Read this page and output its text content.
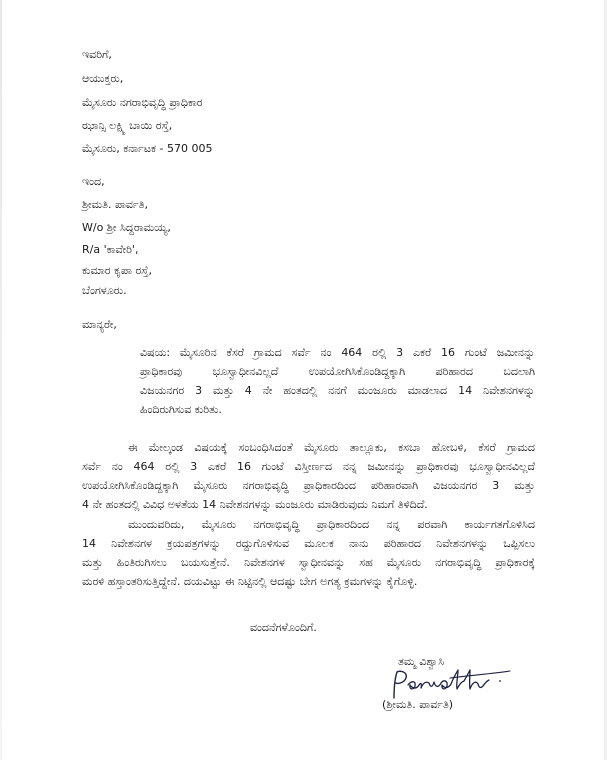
ಇವರಿಗೆ,
ಆಯುಕ್ತರು,
ಮೈಸೂರು ನಗರಾಭಿವೃದ್ಧಿ ಪ್ರಾಧಿಕಾರ
ಝಾನ್ಸಿ ಲಕ್ಷ್ಮಿ ಬಾಯಿ ರಸ್ತೆ,
ಮೈಸೂರು, ಕರ್ನಾಟಕ - 570 005
ಇಂದ,
ಶ್ರೀಮತಿ. ಪಾರ್ವತಿ,
W/o ಶ್ರೀ ಸಿದ್ದರಾಮಯ್ಯ,
R/a 'ಕಾವೇರಿ',
ಕುಮಾರ ಕೃಪಾ ರಸ್ತೆ,
ಬೆಂಗಳೂರು.
ಮಾನ್ಯರೇ,
ವಿಷಯ: ಮೈಸೂರಿನ ಕೆಸರೆ ಗ್ರಾಮದ ಸರ್ವೆ ನಂ 464 ರಲ್ಲಿ 3 ಎಕರೆ 16 ಗುಂಟೆ ಜಮೀನನ್ನು
ಪ್ರಾಧಿಕಾರವು ಭೂಸ್ವಾಧೀನವಿಲ್ಲದೆ ಉಪಯೋಗಿಸಿಕೊಂಡಿದ್ದಕ್ಕಾಗಿ ಪರಿಹಾರದ ಬದಲಾಗಿ
ವಿಜಯನಗರ 3 ಮತ್ತು 4 ನೇ ಹಂತದಲ್ಲಿ ನನಗೆ ಮಂಜೂರು ಮಾಡಲಾದ 14 ನಿವೇಶನಗಳನ್ನು
ಹಿಂದಿರುಗಿಸುವ ಕುರಿತು.
ಈ ಮೇಲ್ಕಂಡ ವಿಷಯಕ್ಕೆ ಸಂಬಂಧಿಸಿದಂತೆ ಮೈಸೂರು ತಾಲ್ಲೂಕು, ಕಸಬಾ ಹೋಬಳಿ, ಕೆಸರೆ ಗ್ರಾಮದ
ಸರ್ವೆ ನಂ 464 ರಲ್ಲಿ 3 ಎಕರೆ 16 ಗುಂಟೆ ವಿಸ್ತೀರ್ಣದ ನನ್ನ ಜಮೀನನ್ನು ಪ್ರಾಧಿಕಾರವು ಭೂಸ್ವಾಧೀನವಿಲ್ಲದೆ
ಉಪಯೋಗಿಸಿಕೊಂಡಿದ್ದಕ್ಕಾಗಿ ಮೈಸೂರು ನಗರಾಭಿವೃದ್ಧಿ ಪ್ರಾಧಿಕಾರದಿಂದ ಪರಿಹಾರವಾಗಿ ವಿಜಯನಗರ 3 ಮತ್ತು
4 ನೇ ಹಂತದಲ್ಲಿ ವಿವಿಧ ಅಳತೆಯ 14 ನಿವೇಶನಗಳನ್ನು ಮಂಜೂರು ಮಾಡಿರುವುದು ನಿಮಗೆ ತಿಳಿದಿದೆ.
ಮುಂದುವರಿದು, ಮೈಸೂರು ನಗರಾಭಿವೃದ್ಧಿ ಪ್ರಾಧಿಕಾರದಿಂದ ನನ್ನ ಪರವಾಗಿ ಕಾರ್ಯಗತಗೊಳಿಸಿದ
14 ನಿವೇಶನಗಳ ಕ್ರಯಪತ್ರಗಳನ್ನು ರದ್ದುಗೊಳಿಸುವ ಮೂಲಕ ನಾನು ಪರಿಹಾರದ ನಿವೇಶನಗಳನ್ನು ಒಪ್ಪಿಸಲು
ಮತ್ತು ಹಿಂತಿರುಗಿಸಲು ಬಯಸುತ್ತೇನೆ. ನಿವೇಶನಗಳ ಸ್ವಾಧೀನವನ್ನು ಸಹ ಮೈಸೂರು ನಗರಾಭಿವೃದ್ಧಿ ಪ್ರಾಧಿಕಾರಕ್ಕೆ
ಮರಳಿ ಹಸ್ತಾಂತರಿಸುತ್ತಿದ್ದೇನೆ. ದಯವಿಟ್ಟು ಈ ನಿಟ್ಟಿನಲ್ಲಿ ಆದಷ್ಟು ಬೇಗ ಅಗತ್ಯ ಕ್ರಮಗಳನ್ನು ಕೈಗೊಳ್ಳಿ.
ವಂದನೆಗಳೊಂದಿಗೆ.
ತಮ್ಮ ವಿಶ್ವಾಸಿ
(ಶ್ರೀಮತಿ. ಪಾರ್ವತಿ)
